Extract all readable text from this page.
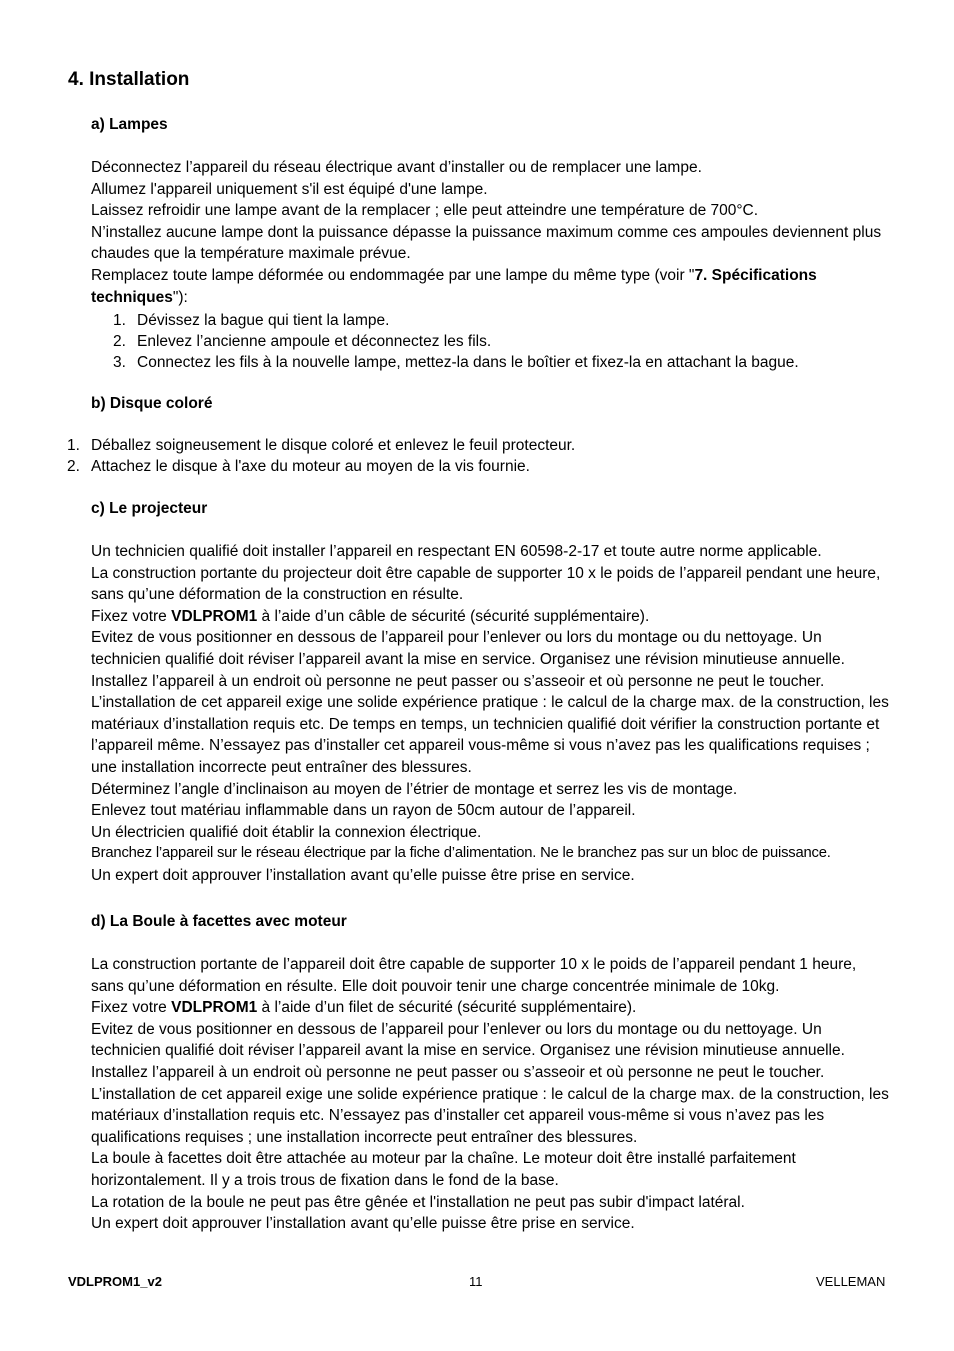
4. Installation
a) Lampes

Déconnectez l’appareil du réseau électrique avant d’installer ou de remplacer une lampe.

Allumez l'appareil uniquement s'il est équipé d'une lampe.

Laissez refroidir une lampe avant de la remplacer ; elle peut atteindre une température de 700°C.

N’installez aucune lampe dont la puissance dépasse la puissance maximum comme ces ampoules deviennent plus chaudes que la température maximale prévue.

Remplacez toute lampe déformée ou endommagée par une lampe du même type (voir "7. Spécifications techniques"):

1. Dévissez la bague qui tient la lampe.
2. Enlevez l’ancienne ampoule et déconnectez les fils.
3. Connectez les fils à la nouvelle lampe, mettez-la dans le boîtier et fixez-la en attachant la bague.
b) Disque coloré
1. Déballez soigneusement le disque coloré et enlevez le feuil protecteur.
2. Attachez le disque à l'axe du moteur au moyen de la vis fournie.
c) Le projecteur

Un technicien qualifié doit installer l’appareil en respectant EN 60598-2-17 et toute autre norme applicable.

La construction portante du projecteur doit être capable de supporter 10 x le poids de l’appareil pendant une heure, sans qu’une déformation de la construction en résulte.

Fixez votre VDLPROM1 à l’aide d’un câble de sécurité (sécurité supplémentaire).

Evitez de vous positionner en dessous de l’appareil pour l’enlever ou lors du montage ou du nettoyage. Un technicien qualifié doit réviser l’appareil avant la mise en service. Organisez une révision minutieuse annuelle.

Installez l’appareil à un endroit où personne ne peut passer ou s’asseoir et où personne ne peut le toucher.

L’installation de cet appareil exige une solide expérience pratique : le calcul de la charge max. de la construction, les matériaux d’installation requis etc. De temps en temps, un technicien qualifié doit vérifier la construction portante et l’appareil même. N’essayez pas d’installer cet appareil vous-même si vous n’avez pas les qualifications requises ; une installation incorrecte peut entraîner des blessures.

Déterminez l’angle d’inclinaison au moyen de l’étrier de montage et serrez les vis de montage.

Enlevez tout matériau inflammable dans un rayon de 50cm autour de l’appareil.

Un électricien qualifié doit établir la connexion électrique.

Branchez l’appareil sur le réseau électrique par la fiche d’alimentation. Ne le branchez pas sur un bloc de puissance.

Un expert doit approuver l’installation avant qu’elle puisse être prise en service.

d) La Boule à facettes avec moteur

La construction portante de l’appareil doit être capable de supporter 10 x le poids de l’appareil pendant 1 heure, sans qu’une déformation en résulte. Elle doit pouvoir tenir une charge concentrée minimale de 10kg.

Fixez votre VDLPROM1 à l’aide d’un filet de sécurité (sécurité supplémentaire).

Evitez de vous positionner en dessous de l’appareil pour l’enlever ou lors du montage ou du nettoyage. Un technicien qualifié doit réviser l’appareil avant la mise en service. Organisez une révision minutieuse annuelle.

Installez l’appareil à un endroit où personne ne peut passer ou s’asseoir et où personne ne peut le toucher.

L’installation de cet appareil exige une solide expérience pratique : le calcul de la charge max. de la construction, les matériaux d’installation requis etc. N’essayez pas d’installer cet appareil vous-même si vous n’avez pas les qualifications requises ; une installation incorrecte peut entraîner des blessures.

La boule à facettes doit être attachée au moteur par la chaîne. Le moteur doit être installé parfaitement horizontalement. Il y a trois trous de fixation dans le fond de la base.

La rotation de la boule ne peut pas être gênée et l'installation ne peut pas subir d'impact latéral.

Un expert doit approuver l’installation avant qu’elle puisse être prise en service.

VDLPROM1_v2	11	VELLEMAN
